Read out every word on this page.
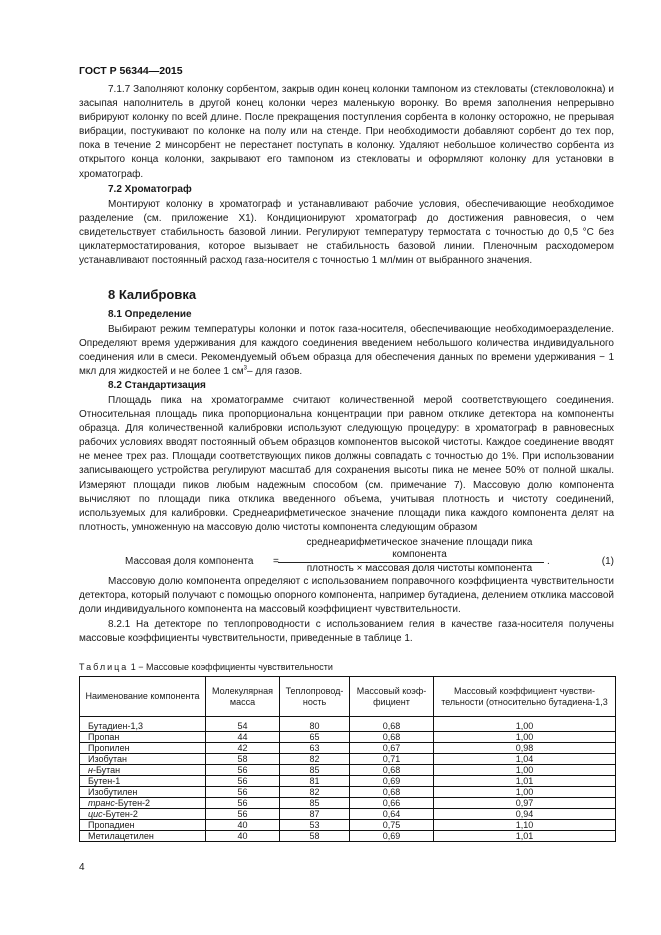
ГОСТ Р 56344—2015

7.1.7 Заполняют колонку сорбентом, закрыв один конец колонки тампоном из стекловаты (стекловолокна) и засыпая наполнитель в другой конец колонки через маленькую воронку. Во время заполнения непрерывно вибрируют колонку по всей длине. После прекращения поступления сорбента в колонку осторожно, не прерывая вибрации, постукивают по колонке на полу или на стенде. При необходимости добавляют сорбент до тех пор, пока в течение 2 минсорбент не перестанет поступать в колонку. Удаляют небольшое количество сорбента из открытого конца колонки, закрывают его тампоном из стекловаты и оформляют колонку для установки в хроматограф.

7.2 Хроматограф

Монтируют колонку в хроматограф и устанавливают рабочие условия, обеспечивающие необходимое разделение (см. приложение Х1). Кондиционируют хроматограф до достижения равновесия, о чем свидетельствует стабильность базовой линии. Регулируют температуру термостата с точностью до 0,5 °С без циклатермостатирования, которое вызывает не стабильность базовой линии. Пленочным расходомером устанавливают постоянный расход газа-носителя с точностью 1 мл/мин от выбранного значения.

8 Калибровка
8.1 Определение

Выбирают режим температуры колонки и поток газа-носителя, обеспечивающие необходимоеразделение. Определяют время удерживания для каждого соединения введением небольшого количества индивидуального соединения или в смеси. Рекомендуемый объем образца для обеспечения данных по времени удерживания − 1 мкл для жидкостей и не более 1 $см^3-$ для газов.

8.2 Стандартизация

Площадь пика на хроматограмме считают количественной мерой соответствующего соединения. Относительная площадь пика пропорциональна концентрации при равном отклике детектора на компоненты образца. Для количественной калибровки используют следующую процедуру: в хроматограф в равновесных рабочих условиях вводят постоянный объем образцов компонентов высокой чистоты. Каждое соединение вводят не менее трех раз. Площади соответствующих пиков должны совпадать с точностью до 1%. При использовании записывающего устройства регулируют масштаб для сохранения высоты пика не менее 50% от полной шкалы. Измеряют площади пиков любым надежным способом (см. примечание 7). Массовую долю компонента вычисляют по площади пика отклика введенного объема, учитывая плотность и чистоту соединений, используемых для калибровки. Среднеарифметическое значение площади пика каждого компонента делят на плотность, умноженную на массовую долю чистоты компонента следующим образом

Массовая доля компонента =
среднеарифметическое значение площади пика
компонента
плотность × массовая доля чистоты компонента
.	(1)

Массовую долю компонента определяют с использованием поправочного коэффициента чувствительности детектора, который получают с помощью опорного компонента, например бутадиена, делением отклика массовой доли индивидуального компонента на массовый коэффициент чувствительности.

8.2.1 На детекторе по теплопроводности с использованием гелия в качестве газа-носителя получены массовые коэффициенты чувствительности, приведенные в таблице 1.

Таблица 1 − Массовые коэффициенты чувствительности
Наименование компонента	Молекулярная масса	Теплопровод-ность	Массовый коэф-фициент	Массовый коэффициент чувстви-тельности (относительно бутадиена-1,3

Бутадиен-1,3	54	80	0,68	1,00
Пропан	44	65	0,68	1,00
Пропилен	42	63	0,67	0,98
Изобутан	58	82	0,71	1,04
н-Бутан	56	85	0,68	1,00
Бутен-1	56	81	0,69	1,01
Изобутилен	56	82	0,68	1,00
транс-Бутен-2	56	85	0,66	0,97
цис-Бутен-2	56	87	0,64	0,94
Пропадиен	40	53	0,75	1,10
Метилацетилен	40	58	0,69	1,01
4
